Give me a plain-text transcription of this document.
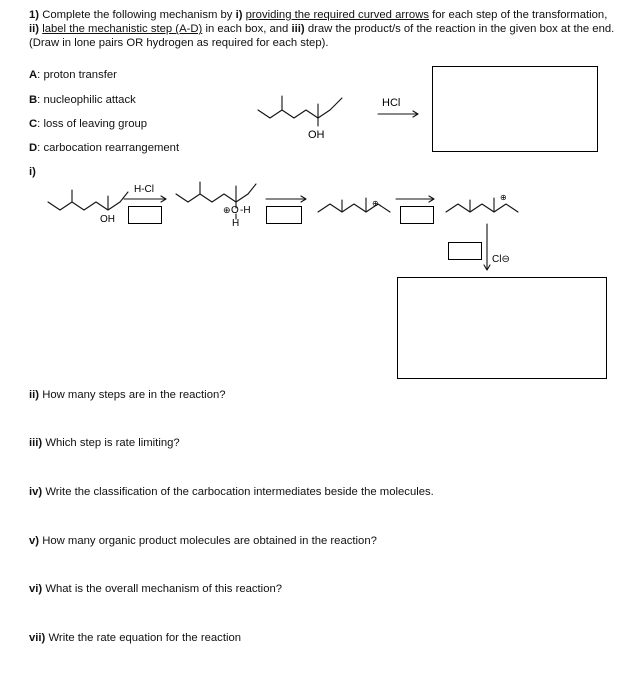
1) Complete the following mechanism by i) providing the required curved arrows for each step of the transformation, ii) label the mechanistic step (A-D) in each box, and iii) draw the product/s of the reaction in the given box at the end. (Draw in lone pairs OR hydrogen as required for each step).
A: proton transfer
B: nucleophilic attack
C: loss of leaving group
D: carbocation rearrangement
i)
OH
HCl
OH
H-Cl
⊕ O -H
H
⊕
⊕
Cl⊖
ii) How many steps are in the reaction?
iii) Which step is rate limiting?
iv) Write the classification of the carbocation intermediates beside the molecules.
v) How many organic product molecules are obtained in the reaction?
vi) What is the overall mechanism of this reaction?
vii) Write the rate equation for the reaction
